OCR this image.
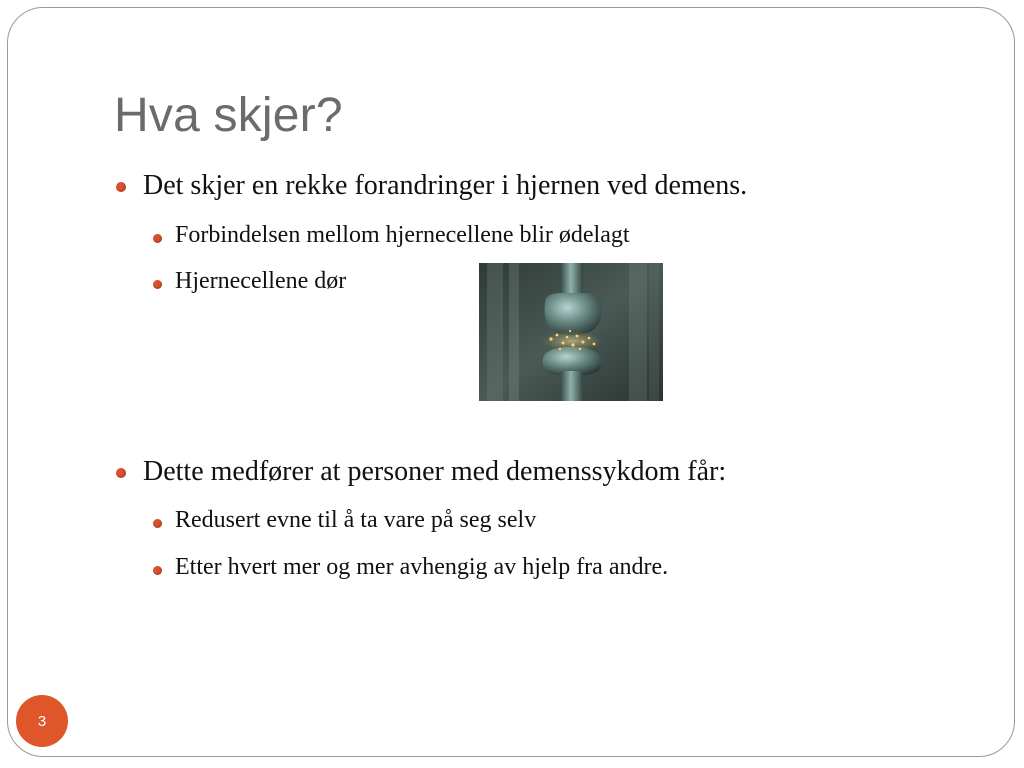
Hva skjer?
Det skjer en rekke forandringer i hjernen ved demens.
Forbindelsen mellom hjernecellene blir ødelagt
Hjernecellene dør
Dette medfører at personer med demenssykdom får:
Redusert evne til å ta vare på seg selv
Etter hvert mer og mer avhengig av hjelp fra andre.
3
